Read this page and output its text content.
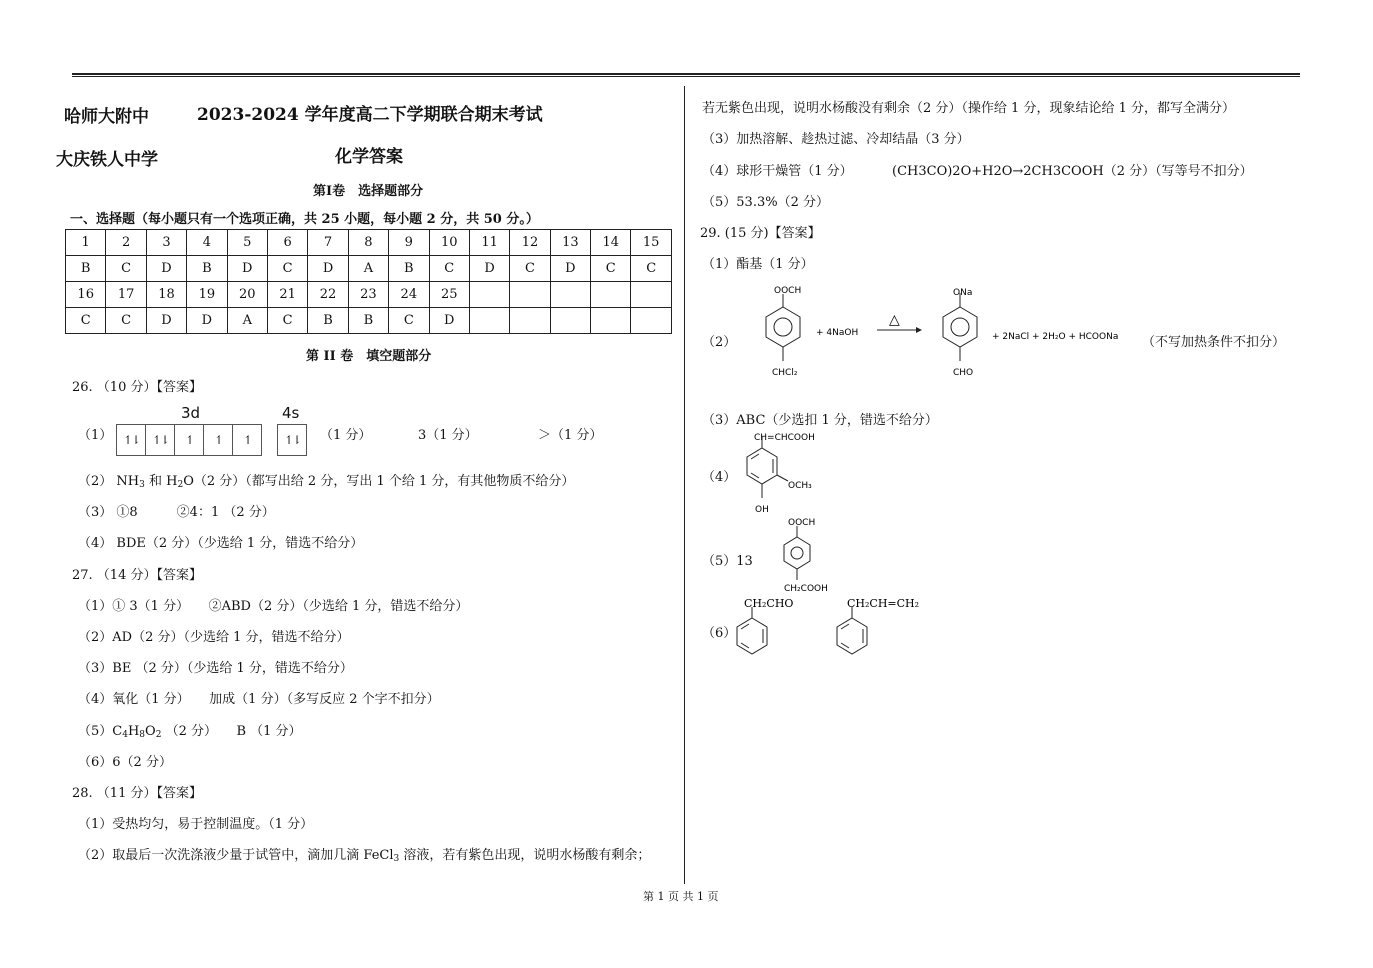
哈师大附中	2023-2024 学年度高二下学期联合期末考试
大庆铁人中学	化学答案
第Ⅰ卷　选择题部分
一、选择题（每小题只有一个选项正确，共 25 小题，每小题 2 分，共 50 分。）
1	2	3	4	5	6	7	8	9	10	11	12	13	14	15
B	C	D	B	D	C	D	A	B	C	D	C	D	C	C
16	17	18	19	20	21	22	23	24	25					
C	C	D	D	A	C	B	B	C	D					
第 II 卷　填空题部分
26. （10 分）【答案】
（1）
3d	4s
↿⇂	↿⇂	↿	↿	↿	↿⇂	（1 分）	3（1 分）	＞（1 分）
（2） $NH_3$ 和 $H_2O(2$ 分）（都写出给 2 分，写出 1 个给 1 分，有其他物质不给分）
（3） ①8　　　②4：1 （2 分）
（4） BDE（2 分）（少选给 1 分，错选不给分）
27. （14 分）【答案】
（1）① 3（1 分）　　②ABD（2 分）（少选给 1 分，错选不给分）
（2）AD（2 分）（少选给 1 分，错选不给分）
（3）BE （2 分）（少选给 1 分，错选不给分）
（4）氧化（1 分）　　加成（1 分）（多写反应 2 个字不扣分）
$(5)C_4H_8O_2$ （2 分）　　B （1 分）
（6）6（2 分）
28. （11 分）【答案】
（1）受热均匀，易于控制温度。（1 分）
（2）取最后一次洗涤液少量于试管中，滴加几滴 FeCl$_3$ 溶液，若有紫色出现，说明水杨酸有剩余；
若无紫色出现，说明水杨酸没有剩余（2 分）（操作给 1 分，现象结论给 1 分，都写全满分）
（3）加热溶解、趁热过滤、冷却结晶（3 分）
（4）球形干燥管（1 分）	(CH3CO)2O+H2O→2CH3COOH（2 分）（写等号不扣分）
（5）53.3%（2 分）
29. (15 分)【答案】
（1）酯基（1 分）
（2）
OOCH
CHCl₂
+ 4NaOH
△
ONa
CHO
+ 2NaCl + 2H₂O + HCOONa （不写加热条件不扣分）
（3）ABC（少选扣 1 分，错选不给分）
（4）
CH=CHCOOH
OCH₃
OH
（5）13
OOCH
CH₂COOH
（6）
CH₂CHO	CH₂CH=CH₂
第 1 页 共 1 页
